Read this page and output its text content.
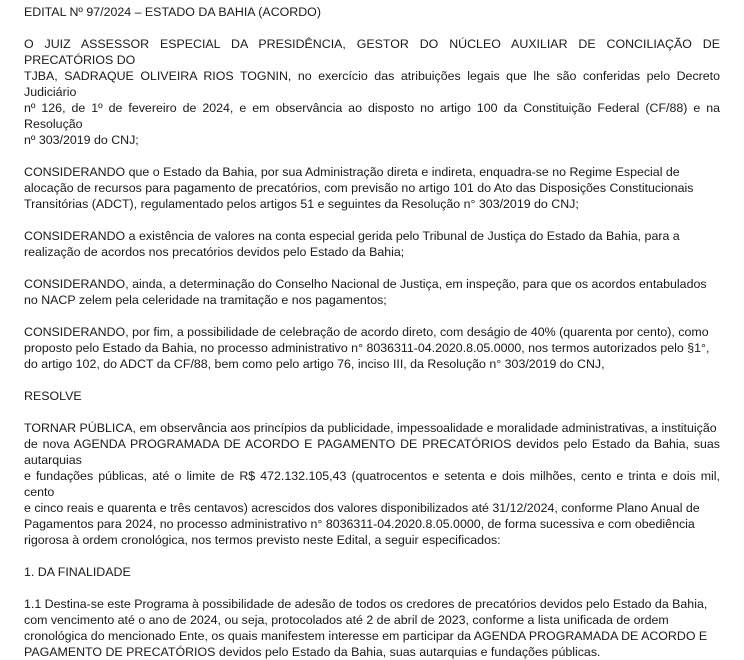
EDITAL Nº 97/2024 – ESTADO DA BAHIA (ACORDO)

O JUIZ ASSESSOR ESPECIAL DA PRESIDÊNCIA, GESTOR DO NÚCLEO AUXILIAR DE CONCILIAÇÃO DE PRECATÓRIOS DO
TJBA, SADRAQUE OLIVEIRA RIOS TOGNIN, no exercício das atribuições legais que lhe são conferidas pelo Decreto Judiciário
nº 126, de 1º de fevereiro de 2024, e em observância ao disposto no artigo 100 da Constituição Federal (CF/88) e na Resolução
nº 303/2019 do CNJ;
CONSIDERANDO que o Estado da Bahia, por sua Administração direta e indireta, enquadra-se no Regime Especial de
alocação de recursos para pagamento de precatórios, com previsão no artigo 101 do Ato das Disposições Constitucionais
Transitórias (ADCT), regulamentado pelos artigos 51 e seguintes da Resolução n° 303/2019 do CNJ;
CONSIDERANDO a existência de valores na conta especial gerida pelo Tribunal de Justiça do Estado da Bahia, para a
realização de acordos nos precatórios devidos pelo Estado da Bahia;
CONSIDERANDO, ainda, a determinação do Conselho Nacional de Justiça, em inspeção, para que os acordos entabulados
no NACP zelem pela celeridade na tramitação e nos pagamentos;
CONSIDERANDO, por fim, a possibilidade de celebração de acordo direto, com deságio de 40% (quarenta por cento), como
proposto pelo Estado da Bahia, no processo administrativo n° 8036311-04.2020.8.05.0000, nos termos autorizados pelo §1°,
do artigo 102, do ADCT da CF/88, bem como pelo artigo 76, inciso III, da Resolução n° 303/2019 do CNJ,
RESOLVE
TORNAR PÚBLICA, em observância aos princípios da publicidade, impessoalidade e moralidade administrativas, a instituição
de nova AGENDA PROGRAMADA DE ACORDO E PAGAMENTO DE PRECATÓRIOS devidos pelo Estado da Bahia, suas autarquias
e fundações públicas, até o limite de R$ 472.132.105,43 (quatrocentos e setenta e dois milhões, cento e trinta e dois mil, cento
e cinco reais e quarenta e três centavos) acrescidos dos valores disponibilizados até 31/12/2024, conforme Plano Anual de
Pagamentos para 2024, no processo administrativo n° 8036311-04.2020.8.05.0000, de forma sucessiva e com obediência
rigorosa à ordem cronológica, nos termos previsto neste Edital, a seguir especificados:
1. DA FINALIDADE
1.1 Destina-se este Programa à possibilidade de adesão de todos os credores de precatórios devidos pelo Estado da Bahia,
com vencimento até o ano de 2024, ou seja, protocolados até 2 de abril de 2023, conforme a lista unificada de ordem
cronológica do mencionado Ente, os quais manifestem interesse em participar da AGENDA PROGRAMADA DE ACORDO E
PAGAMENTO DE PRECATÓRIOS devidos pelo Estado da Bahia, suas autarquias e fundações públicas.
